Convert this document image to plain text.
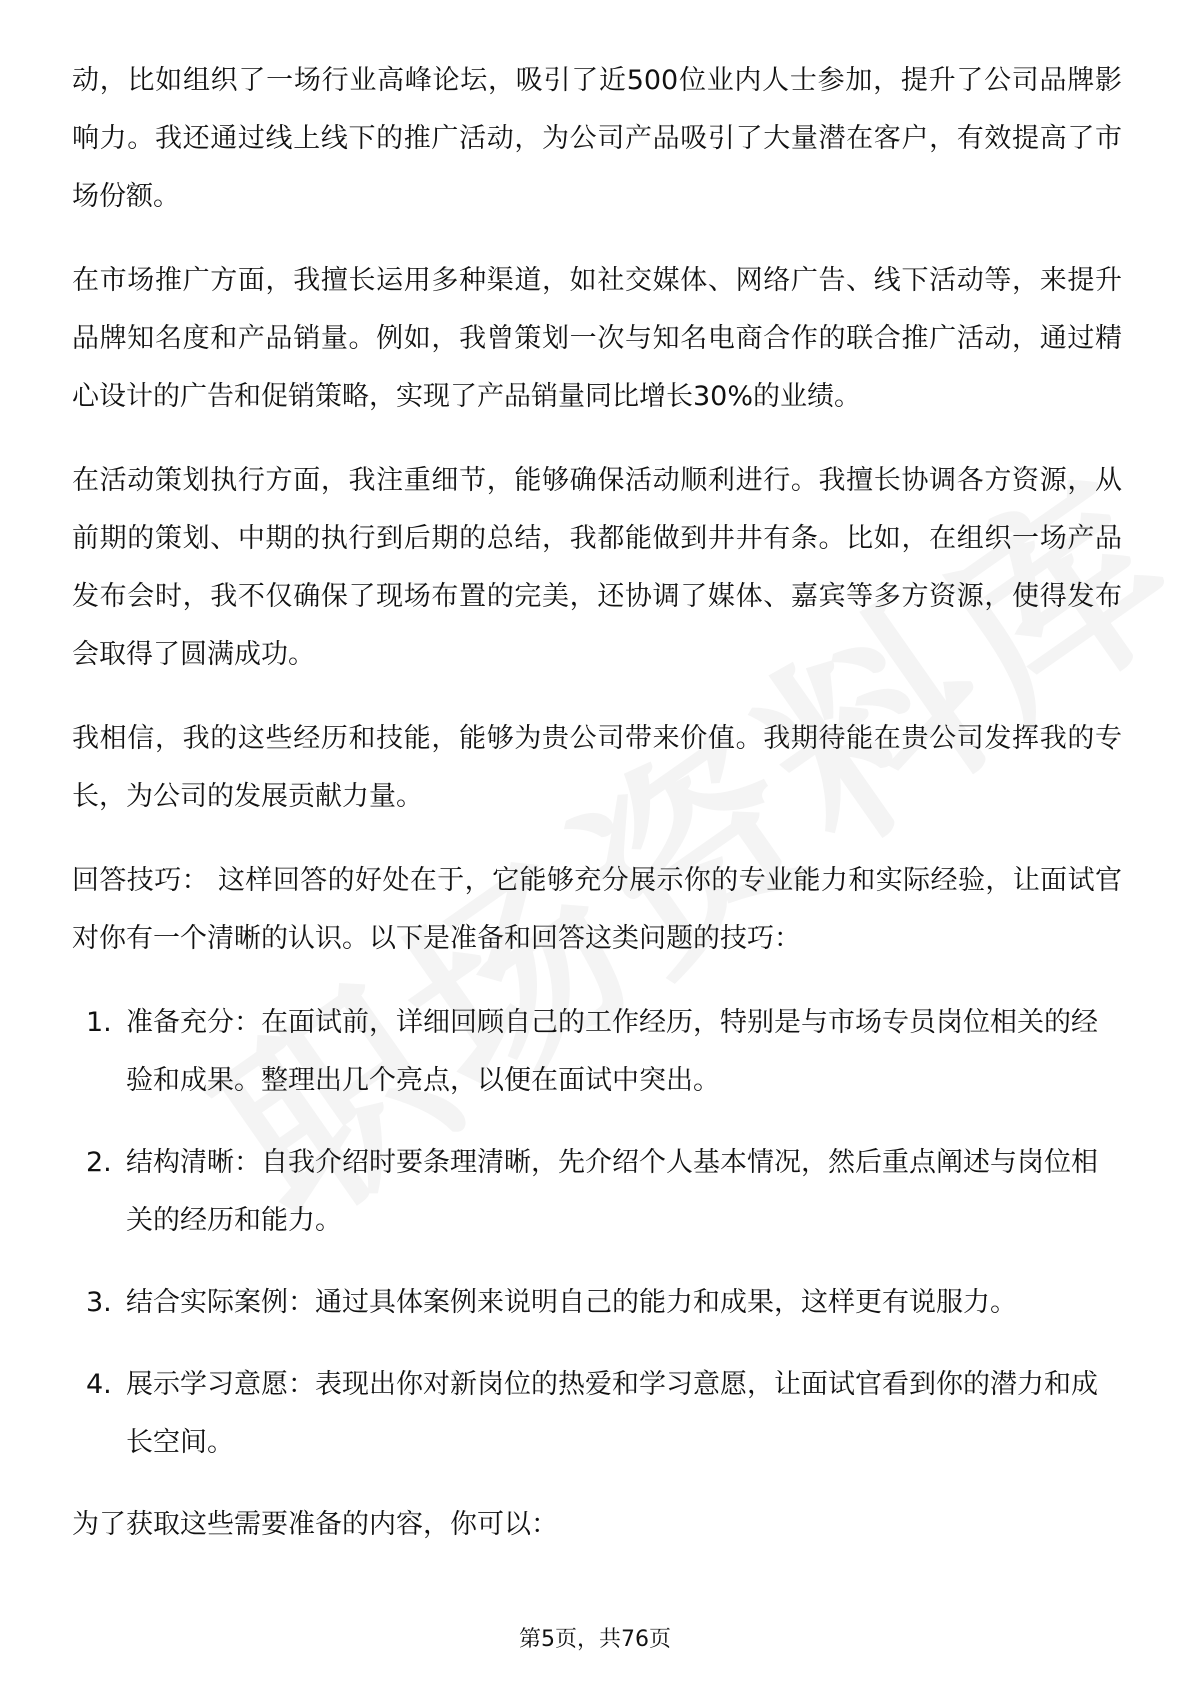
动，比如组织了一场行业高峰论坛，吸引了近500位业内人士参加，提升了公司品牌影响力。我还通过线上线下的推广活动，为公司产品吸引了大量潜在客户，有效提高了市场份额。

在市场推广方面，我擅长运用多种渠道，如社交媒体、网络广告、线下活动等，来提升品牌知名度和产品销量。例如，我曾策划一次与知名电商合作的联合推广活动，通过精心设计的广告和促销策略，实现了产品销量同比增长30%的业绩。

在活动策划执行方面，我注重细节，能够确保活动顺利进行。我擅长协调各方资源，从前期的策划、中期的执行到后期的总结，我都能做到井井有条。比如，在组织一场产品发布会时，我不仅确保了现场布置的完美，还协调了媒体、嘉宾等多方资源，使得发布会取得了圆满成功。

我相信，我的这些经历和技能，能够为贵公司带来价值。我期待能在贵公司发挥我的专长，为公司的发展贡献力量。

回答技巧： 这样回答的好处在于，它能够充分展示你的专业能力和实际经验，让面试官对你有一个清晰的认识。以下是准备和回答这类问题的技巧：

1. 准备充分：在面试前，详细回顾自己的工作经历，特别是与市场专员岗位相关的经验和成果。整理出几个亮点，以便在面试中突出。
2. 结构清晰：自我介绍时要条理清晰，先介绍个人基本情况，然后重点阐述与岗位相关的经历和能力。
3. 结合实际案例：通过具体案例来说明自己的能力和成果，这样更有说服力。
4. 展示学习意愿：表现出你对新岗位的热爱和学习意愿，让面试官看到你的潜力和成长空间。

为了获取这些需要准备的内容，你可以：

第5页，共76页
